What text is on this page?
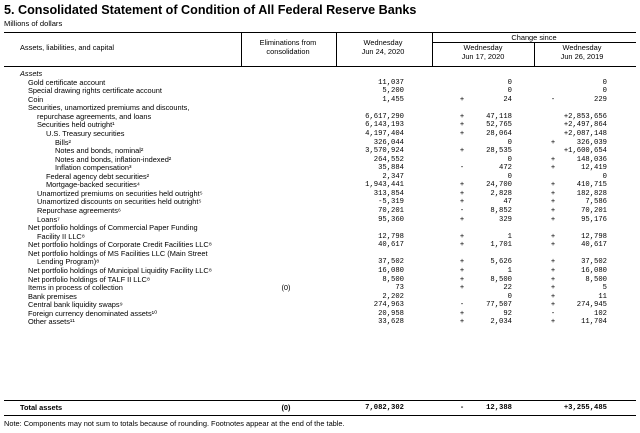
5. Consolidated Statement of Condition of All Federal Reserve Banks
Millions of dollars
Assets, liabilities, and capital
Eliminations from
consolidation
Wednesday
Jun 24, 2020
Change since
Wednesday
Jun 17, 2020
Wednesday
Jun 26, 2019
Assets
Gold certificate account	11,037	0	0
Special drawing rights certificate account	5,200	0	0
Coin	1,455	+	24	-	229
Securities, unamortized premiums and discounts,
repurchase agreements, and loans	6,617,290	+	47,118	+2,853,656
Securities held outright¹	6,143,193	+	52,765	+2,497,864
U.S. Treasury securities	4,197,404	+	28,064	+2,087,148
Bills²	326,044	0	+	326,039
Notes and bonds, nominal²	3,570,924	+	28,535	+1,600,654
Notes and bonds, inflation-indexed²	264,552	0	+	148,036
Inflation compensation³	35,884	-	472	+	12,419
Federal agency debt securities²	2,347	0	0
Mortgage-backed securities⁴	1,943,441	+	24,700	+	410,715
Unamortized premiums on securities held outright⁵	313,854	+	2,828	+	182,828
Unamortized discounts on securities held outright⁵	-5,319	+	47	+	7,586
Repurchase agreements⁶	70,201	-	8,852	+	70,201
Loans⁷	95,360	+	329	+	95,176
Net portfolio holdings of Commercial Paper Funding
Facility II LLC⁸	12,798	+	1	+	12,798
Net portfolio holdings of Corporate Credit Facilities LLC⁸	40,617	+	1,701	+	40,617
Net portfolio holdings of MS Facilities LLC (Main Street
Lending Program)⁸	37,502	+	5,626	+	37,502
Net portfolio holdings of Municipal Liquidity Facility LLC⁸	16,080	+	1	+	16,080
Net portfolio holdings of TALF II LLC⁸	8,500	+	8,500	+	8,500
Items in process of collection	(0)	73	+	22	+	5
Bank premises	2,202	0	+	11
Central bank liquidity swaps⁹	274,963	-	77,507	+	274,945
Foreign currency denominated assets¹⁰	20,958	+	92	-	102
Other assets¹¹	33,628	+	2,034	+	11,704
Total assets	(0)	7,082,302	-	12,388	+3,255,485
Note: Components may not sum to totals because of rounding. Footnotes appear at the end of the table.
